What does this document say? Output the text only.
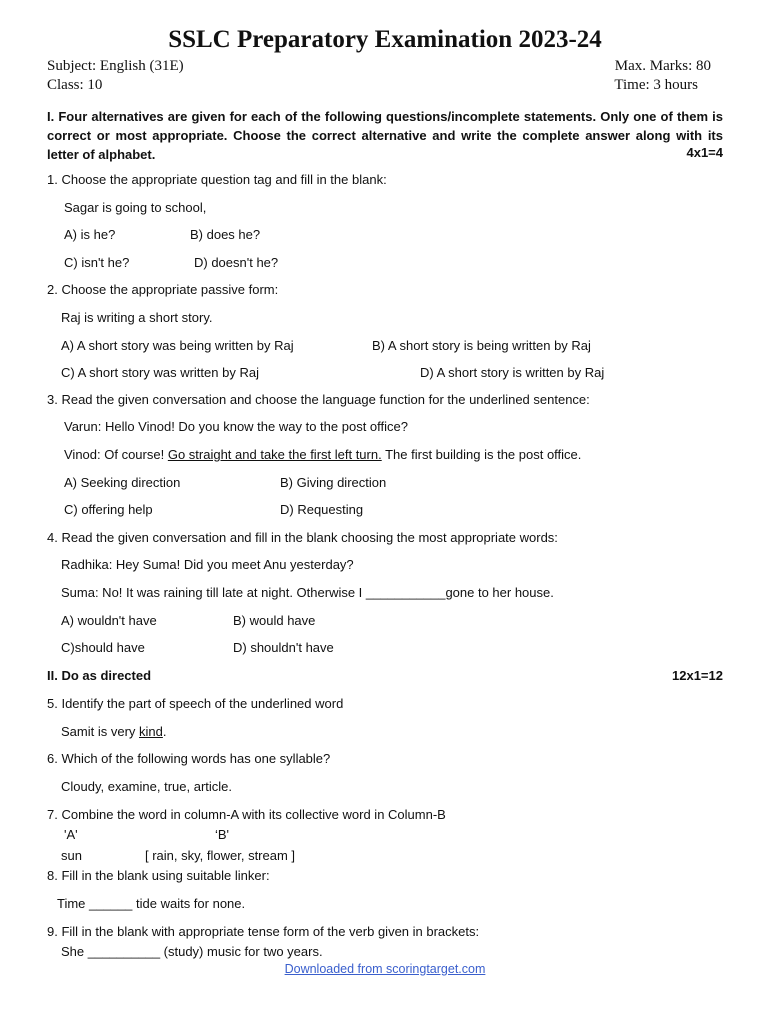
SSLC Preparatory Examination 2023-24
Subject: English (31E)
Class: 10
Max. Marks: 80
Time: 3 hours
I. Four alternatives are given for each of the following questions/incomplete statements. Only one of them is correct or most appropriate. Choose the correct alternative and write the complete answer along with its letter of alphabet.	4x1=4
1. Choose the appropriate question tag and fill in the blank:
Sagar is going to school,
A) is he?	B) does he?
C) isn't he?	D) doesn't he?
2. Choose the appropriate passive form:
Raj is writing a short story.
A) A short story was being written by Raj	B) A short story is being written by Raj
C) A short story was written by Raj	D) A short story is written by Raj
3. Read the given conversation and choose the language function for the underlined sentence:
Varun: Hello Vinod! Do you know the way to the post office?
Vinod: Of course! Go straight and take the first left turn. The first building is the post office.
A) Seeking direction	B) Giving direction
C) offering help	D) Requesting
4. Read the given conversation and fill in the blank choosing the most appropriate words:
Radhika: Hey Suma! Did you meet Anu yesterday?
Suma: No! It was raining till late at night. Otherwise I ___________gone to her house.
A) wouldn't have	B) would have
C)should have	D) shouldn't have
II. Do as directed	12x1=12
5. Identify the part of speech of the underlined word
Samit is very kind.
6. Which of the following words has one syllable?
Cloudy, examine, true, article.
7. Combine the word in column-A with its collective word in Column-B
'A'	‘B'
sun	[ rain, sky, flower, stream ]
8. Fill in the blank using suitable linker:
Time ______ tide waits for none.
9. Fill in the blank with appropriate tense form of the verb given in brackets:
She __________ (study) music for two years.
Downloaded from scoringtarget.com
